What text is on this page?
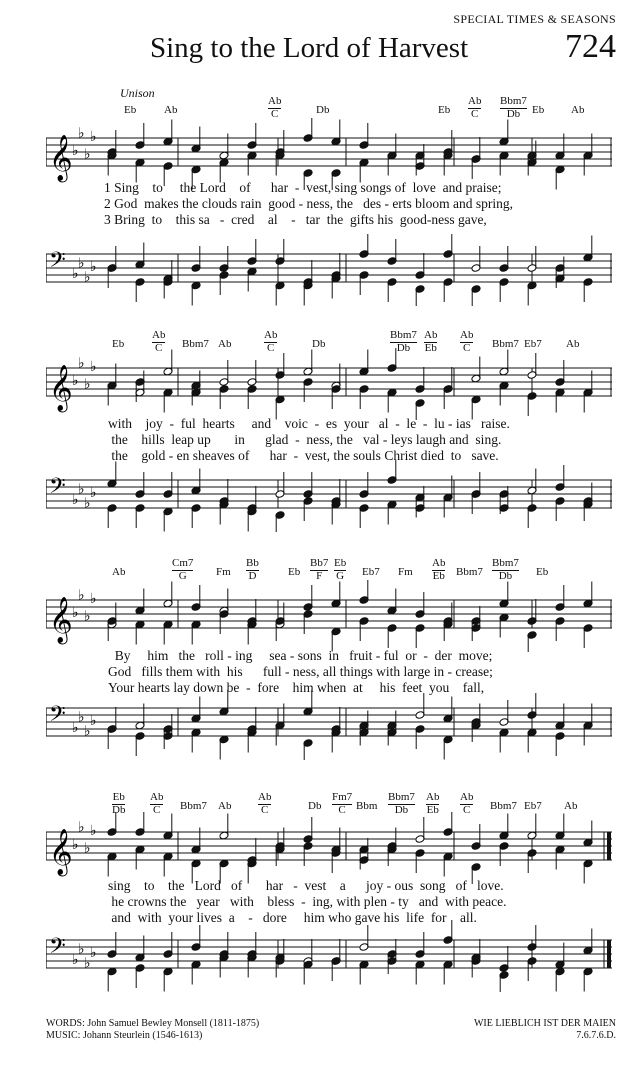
SPECIAL TIMES & SEASONS
Sing to the Lord of Harvest	724
Unison
Eb	Ab
Ab
C	Db	Eb
Ab
C
Bbm7
Db	Eb Ab
𝄞 ♭
♭
♭
♭
1 Sing    to     the Lord    of      har  -  vest, sing songs of  love  and praise;
2 God  makes the clouds rain  good - ness, the   des - erts bloom and spring,
3 Bring  to    this sa   -  cred    al    -   tar  the  gifts his  good-ness gave,
𝄢 ♭
♭
♭
♭
Eb
Ab
C Bbm7 Ab
Ab
C	Db
Bbm7
Db
Ab
Eb
Ab
C Bbm7 Eb7 Ab
𝄞 ♭
♭
♭
♭
with    joy  -  ful  hearts     and    voic  -  es  your   al  -  le  -  lu - ias   raise.
the    hills  leap up       in      glad  -  ness, the   val - leys laugh and  sing.
the    gold - en sheaves of      har  -  vest, the souls Christ died  to   save.
𝄢 ♭
♭
♭
♭
Ab
Cm7
G	Fm
Bb
D	Eb
Bb7
F
Eb
G Eb7 Fm
Ab
Eb Bbm7
Bbm7
Db	Eb
𝄞 ♭
♭
♭
♭
By     him   the   roll - ing     sea - sons  in   fruit - ful  or  -  der  move;
God   fills them with  his      full - ness, all things with large in - crease;
Your hearts lay down be  -  fore    him when  at     his  feet  you    fall,
𝄢 ♭
♭
♭
♭
Eb
Db
Ab
C Bbm7 Ab
Ab
C	Db
Fm7
C Bbm
Bbm7
Db
Ab
Eb
Ab
C Bbm7 Eb7 Ab
𝄞 ♭
♭
♭
♭
sing    to    the   Lord   of       har   -  vest    a      joy - ous  song   of   love.
he crowns the   year   with    bless  -  ing, with plen - ty   and  with peace.
and  with  your lives  a    -   dore     him who gave his  life  for    all.
𝄢 ♭
♭
♭
♭
WORDS: John Samuel Bewley Monsell (1811-1875)
MUSIC: Johann Steurlein (1546-1613)
WIE LIEBLICH IST DER MAIEN
7.6.7.6.D.
